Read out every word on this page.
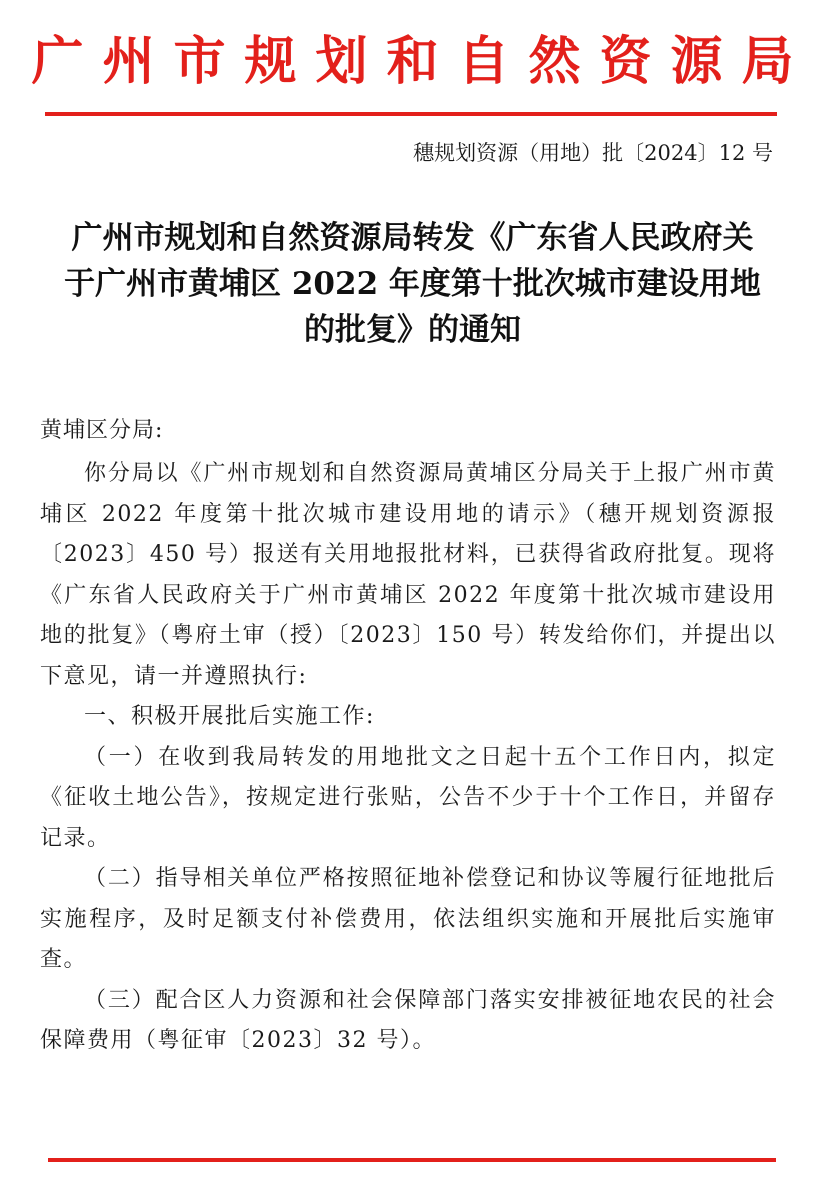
广州市规划和自然资源局
穗规划资源（用地）批〔2024〕12 号
广州市规划和自然资源局转发《广东省人民政府关于广州市黄埔区 2022 年度第十批次城市建设用地的批复》的通知
黄埔区分局:

你分局以《广州市规划和自然资源局黄埔区分局关于上报广州市黄埔区 2022 年度第十批次城市建设用地的请示》（穗开规划资源报〔2023〕450 号）报送有关用地报批材料，已获得省政府批复。现将《广东省人民政府关于广州市黄埔区 2022 年度第十批次城市建设用地的批复》（粤府土审（授）〔2023〕150 号）转发给你们，并提出以下意见，请一并遵照执行:

一、积极开展批后实施工作:

（一）在收到我局转发的用地批文之日起十五个工作日内，拟定《征收土地公告》，按规定进行张贴，公告不少于十个工作日，并留存记录。

（二）指导相关单位严格按照征地补偿登记和协议等履行征地批后实施程序，及时足额支付补偿费用，依法组织实施和开展批后实施审查。

（三）配合区人力资源和社会保障部门落实安排被征地农民的社会保障费用（粤征审〔2023〕32 号）。
